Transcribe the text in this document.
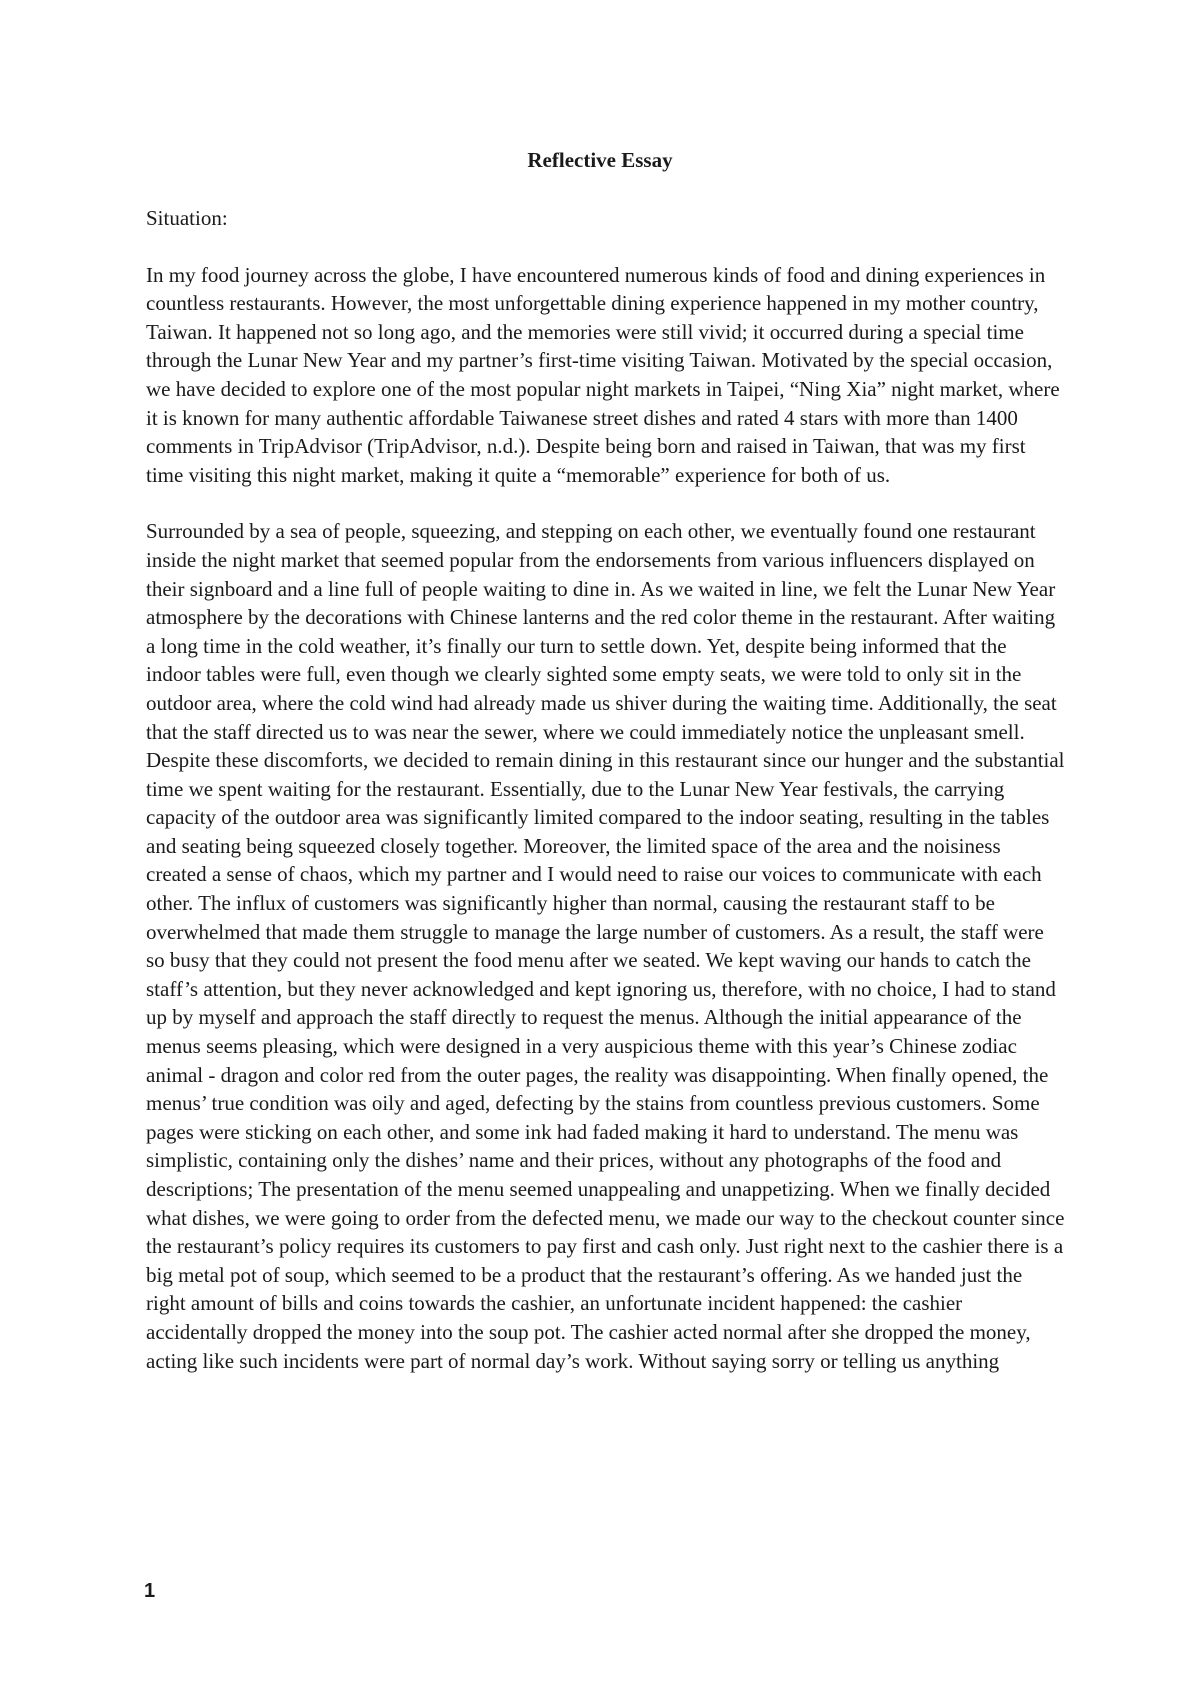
Reflective Essay

Situation:

In my food journey across the globe, I have encountered numerous kinds of food and dining experiences in countless restaurants. However, the most unforgettable dining experience happened in my mother country, Taiwan. It happened not so long ago, and the memories were still vivid; it occurred during a special time through the Lunar New Year and my partner’s first-time visiting Taiwan. Motivated by the special occasion, we have decided to explore one of the most popular night markets in Taipei, “Ning Xia” night market, where it is known for many authentic affordable Taiwanese street dishes and rated 4 stars with more than 1400 comments in TripAdvisor (TripAdvisor, n.d.). Despite being born and raised in Taiwan, that was my first time visiting this night market, making it quite a “memorable” experience for both of us.

Surrounded by a sea of people, squeezing, and stepping on each other, we eventually found one restaurant inside the night market that seemed popular from the endorsements from various influencers displayed on their signboard and a line full of people waiting to dine in. As we waited in line, we felt the Lunar New Year atmosphere by the decorations with Chinese lanterns and the red color theme in the restaurant. After waiting a long time in the cold weather, it’s finally our turn to settle down. Yet, despite being informed that the indoor tables were full, even though we clearly sighted some empty seats, we were told to only sit in the outdoor area, where the cold wind had already made us shiver during the waiting time. Additionally, the seat that the staff directed us to was near the sewer, where we could immediately notice the unpleasant smell. Despite these discomforts, we decided to remain dining in this restaurant since our hunger and the substantial time we spent waiting for the restaurant. Essentially, due to the Lunar New Year festivals, the carrying capacity of the outdoor area was significantly limited compared to the indoor seating, resulting in the tables and seating being squeezed closely together. Moreover, the limited space of the area and the noisiness created a sense of chaos, which my partner and I would need to raise our voices to communicate with each other. The influx of customers was significantly higher than normal, causing the restaurant staff to be overwhelmed that made them struggle to manage the large number of customers. As a result, the staff were so busy that they could not present the food menu after we seated. We kept waving our hands to catch the staff’s attention, but they never acknowledged and kept ignoring us, therefore, with no choice, I had to stand up by myself and approach the staff directly to request the menus. Although the initial appearance of the menus seems pleasing, which were designed in a very auspicious theme with this year’s Chinese zodiac animal - dragon and color red from the outer pages, the reality was disappointing. When finally opened, the menus’ true condition was oily and aged, defecting by the stains from countless previous customers. Some pages were sticking on each other, and some ink had faded making it hard to understand. The menu was simplistic, containing only the dishes’ name and their prices, without any photographs of the food and descriptions; The presentation of the menu seemed unappealing and unappetizing. When we finally decided what dishes, we were going to order from the defected menu, we made our way to the checkout counter since the restaurant’s policy requires its customers to pay first and cash only. Just right next to the cashier there is a big metal pot of soup, which seemed to be a product that the restaurant’s offering. As we handed just the right amount of bills and coins towards the cashier, an unfortunate incident happened: the cashier accidentally dropped the money into the soup pot. The cashier acted normal after she dropped the money, acting like such incidents were part of normal day’s work. Without saying sorry or telling us anything

1
